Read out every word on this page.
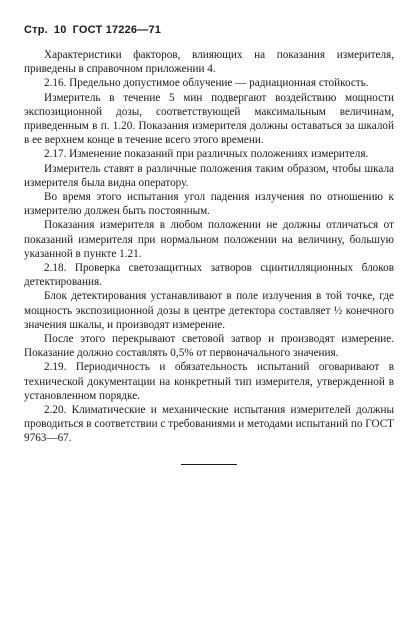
Стр. 10 ГОСТ 17226—71

Характеристики факторов, влияющих на показания измерителя, приведены в справочном приложении 4.

2.16. Предельно допустимое облучение — радиационная стойкость.

Измеритель в течение 5 мин подвергают воздействию мощности экспозиционной дозы, соответствующей максимальным величинам, приведенным в п. 1.20. Показания измерителя должны оставаться за шкалой в ее верхнем конце в течение всего этого времени.

2.17. Изменение показаний при различных положениях измерителя.

Измеритель ставят в различные положения таким образом, чтобы шкала измерителя была видна оператору.

Во время этого испытания угол падения излучения по отношению к измерителю должен быть постоянным.

Показания измерителя в любом положении не должны отличаться от показаний измерителя при нормальном положении на величину, большую указанной в пункте 1.21.

2.18. Проверка светозащитных затворов сцинтилляционных блоков детектирования.

Блок детектирования устанавливают в поле излучения в той точке, где мощность экспозиционной дозы в центре детектора составляет ½ конечного значения шкалы, и производят измерение.

После этого перекрывают световой затвор и производят измерение. Показание должно составлять 0,5% от первоначального значения.

2.19. Периодичность и обязательность испытаний оговаривают в технической документации на конкретный тип измерителя, утвержденной в установленном порядке.

2.20. Климатические и механические испытания измерителей должны проводиться в соответствии с требованиями и методами испытаний по ГОСТ 9763—67.
